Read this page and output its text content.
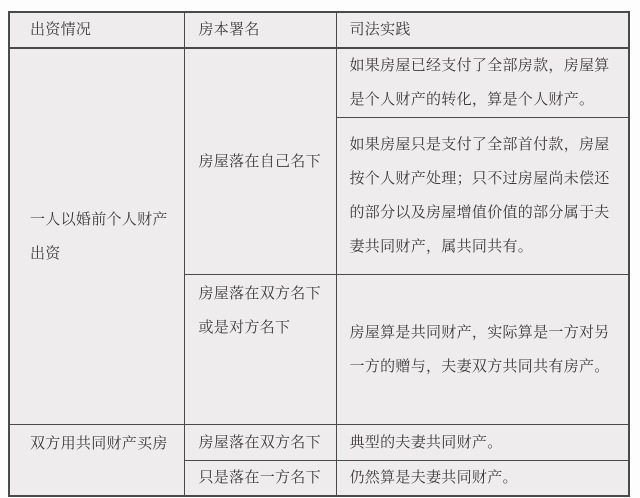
出资情况	房本署名	司法实践
一人以婚前个人财产出资	房屋落在自己名下	如果房屋已经支付了全部房款，房屋算是个人财产的转化，算是个人财产。
		如果房屋只是支付了全部首付款，房屋按个人财产处理；只不过房屋尚未偿还的部分以及房屋增值价值的部分属于夫妻共同财产，属共同共有。
	房屋落在双方名下或是对方名下	房屋算是共同财产，实际算是一方对另一方的赠与，夫妻双方共同共有房产。
双方用共同财产买房	房屋落在双方名下	典型的夫妻共同财产。
	只是落在一方名下	仍然算是夫妻共同财产。
